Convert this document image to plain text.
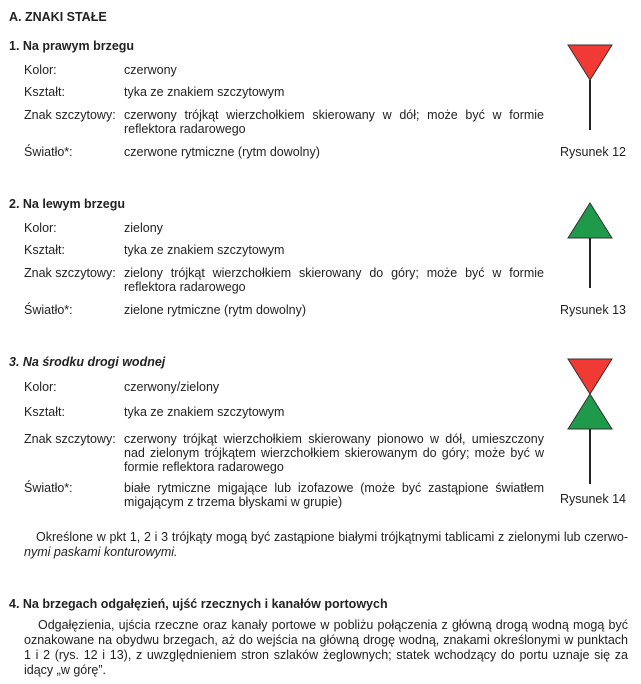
A. ZNAKI STAŁE
1. Na prawym brzegu
Kolor:	czerwony
Kształt:	tyka ze znakiem szczytowym
Znak szczytowy: czerwony trójkąt wierzchołkiem skierowany w dół; może być w formie reflektora radarowego
Światło*:	czerwone rytmiczne (rytm dowolny)	Rysunek 12
2. Na lewym brzegu
Kolor:	zielony
Kształt:	tyka ze znakiem szczytowym
Znak szczytowy: zielony trójkąt wierzchołkiem skierowany do góry; może być w formie reflektora radarowego
Światło*:	zielone rytmiczne (rytm dowolny)	Rysunek 13
3. Na środku drogi wodnej
Kolor:	czerwony/zielony
Kształt:	tyka ze znakiem szczytowym
Znak szczytowy: czerwony trójkąt wierzchołkiem skierowany pionowo w dół, umieszczony nad zielonym trójkątem wierzchołkiem skierowanym do góry; może być w formie reflektora radarowego
Światło*:	białe rytmiczne migające lub izofazowe (może być zastąpione światłem migającym z trzema błyskami w grupie)	Rysunek 14
Określone w pkt 1, 2 i 3 trójkąty mogą być zastąpione białymi trójkątnymi tablicami z zielonymi lub czerwo- nymi paskami konturowymi.
4. Na brzegach odgałęzień, ujść rzecznych i kanałów portowych
Odgałęzienia, ujścia rzeczne oraz kanały portowe w pobliżu połączenia z główną drogą wodną mogą być oznakowane na obydwu brzegach, aż do wejścia na główną drogę wodną, znakami określonymi w punktach 1 i 2 (rys. 12 i 13), z uwzględnieniem stron szlaków żeglownych; statek wchodzący do portu uznaje się za idący „w górę”.
